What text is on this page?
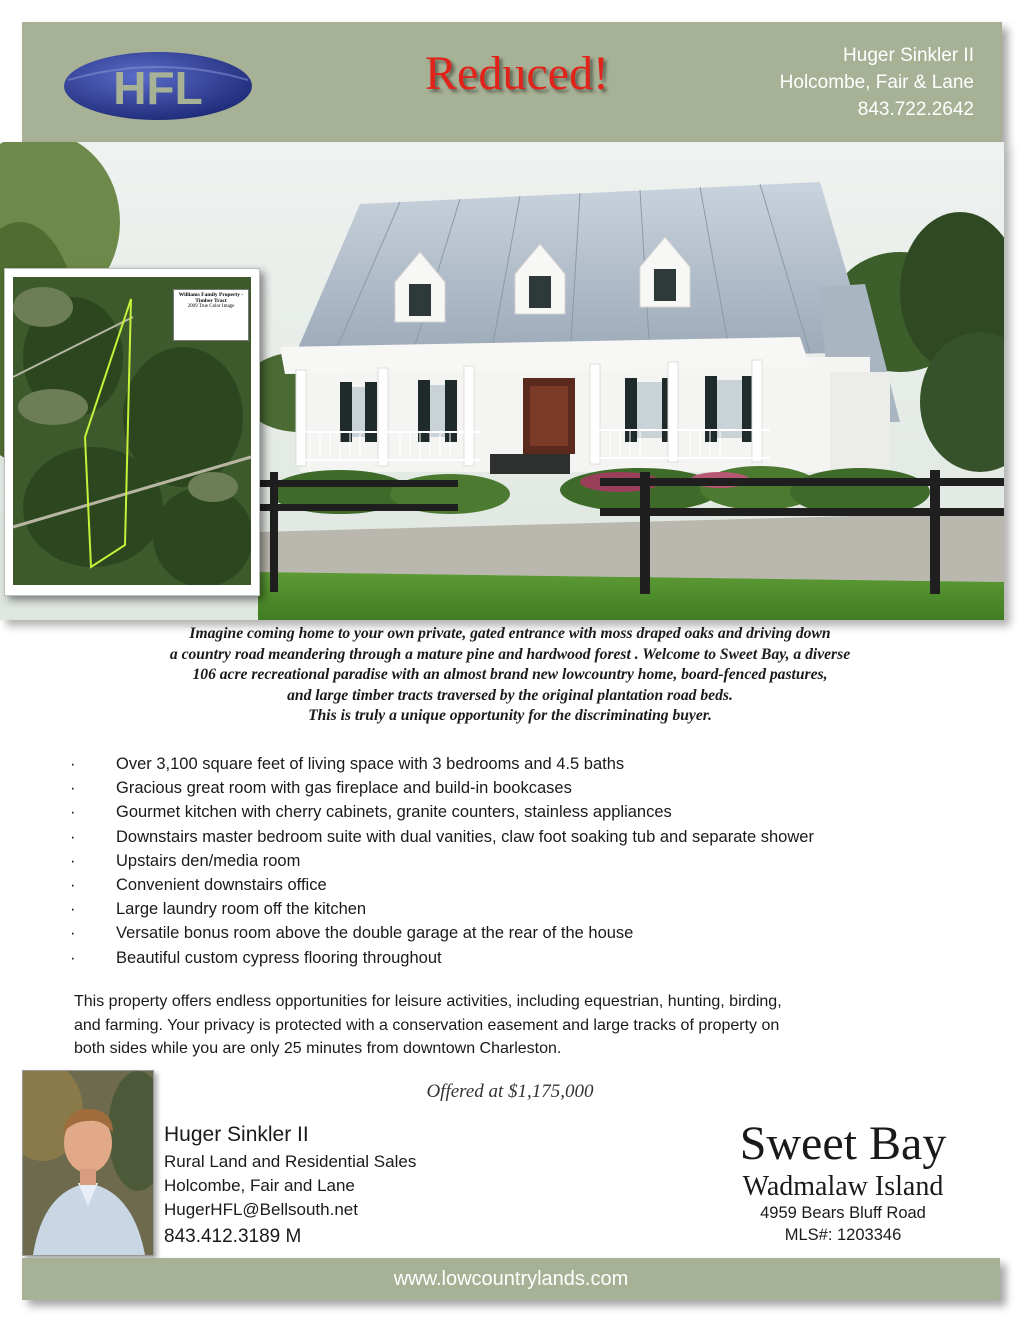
HFL	Reduced!	Huger Sinkler II
Holcombe, Fair & Lane
843.722.2642
Williams Family Property - Timber Tract
2009 True Color Image
Imagine coming home to your own private, gated entrance with moss draped oaks and driving down
a country road meandering through a mature pine and hardwood forest . Welcome to Sweet Bay, a diverse
106 acre recreational paradise with an almost brand new lowcountry home, board-fenced pastures,
and large timber tracts traversed by the original plantation road beds.
This is truly a unique opportunity for the discriminating buyer.
· Over 3,100 square feet of living space with 3 bedrooms and 4.5 baths
· Gracious great room with gas fireplace and build-in bookcases
· Gourmet kitchen with cherry cabinets, granite counters, stainless appliances
· Downstairs master bedroom suite with dual vanities, claw foot soaking tub and separate shower
· Upstairs den/media room
· Convenient downstairs office
· Large laundry room off the kitchen
· Versatile bonus room above the double garage at the rear of the house
· Beautiful custom cypress flooring throughout
This property offers endless opportunities for leisure activities, including equestrian, hunting, birding,
and farming. Your privacy is protected with a conservation easement and large tracks of property on
both sides while you are only 25 minutes from downtown Charleston.
Offered at $1,175,000
Huger Sinkler II
Rural Land and Residential Sales
Holcombe, Fair and Lane
HugerHFL@Bellsouth.net
843.412.3189 M
Sweet Bay
Wadmalaw Island
4959 Bears Bluff Road
MLS#: 1203346
www.lowcountrylands.com
